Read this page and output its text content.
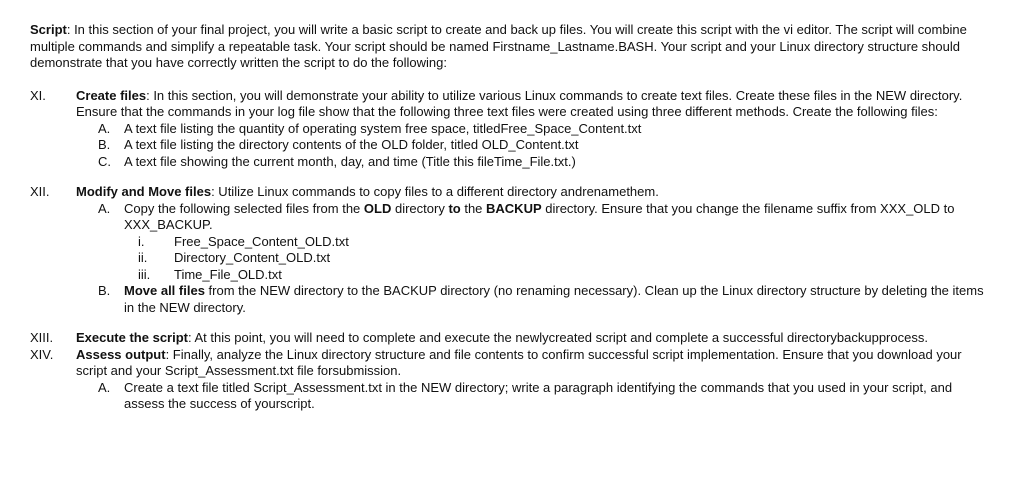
Script: In this section of your final project, you will write a basic script to create and back up files. You will create this script with the vi editor. The script will combine multiple commands and simplify a repeatable task. Your script should be named Firstname_Lastname.BASH. Your script and your Linux directory structure should demonstrate that you have correctly written the script to do the following:

XI.	Create files: In this section, you will demonstrate your ability to utilize various Linux commands to create text files. Create these files in the NEW directory. Ensure that the commands in your log file show that the following three text files were created using three different methods. Create the following files:

A.	A text file listing the quantity of operating system free space, titledFree_Space_Content.txt
B.	A text file listing the directory contents of the OLD folder, titled OLD_Content.txt
C.	A text file showing the current month, day, and time (Title this fileTime_File.txt.)
XII.	Modify and Move files: Utilize Linux commands to copy files to a different directory andrenamethem.

A.	Copy the following selected files from the OLD directory to the BACKUP directory. Ensure that you change the filename suffix from XXX_OLD to XXX_BACKUP.
i.	Free_Space_Content_OLD.txt
ii.	Directory_Content_OLD.txt
iii.	Time_File_OLD.txt
B.	Move all files from the NEW directory to the BACKUP directory (no renaming necessary). Clean up the Linux directory structure by deleting the items in the NEW directory.
XIII.	Execute the script: At this point, you will need to complete and execute the newlycreated script and complete a successful directorybackupprocess.

XIV.	Assess output: Finally, analyze the Linux directory structure and file contents to confirm successful script implementation. Ensure that you download your script and your Script_Assessment.txt file forsubmission.

A.	Create a text file titled Script_Assessment.txt in the NEW directory; write a paragraph identifying the commands that you used in your script, and assess the success of yourscript.
